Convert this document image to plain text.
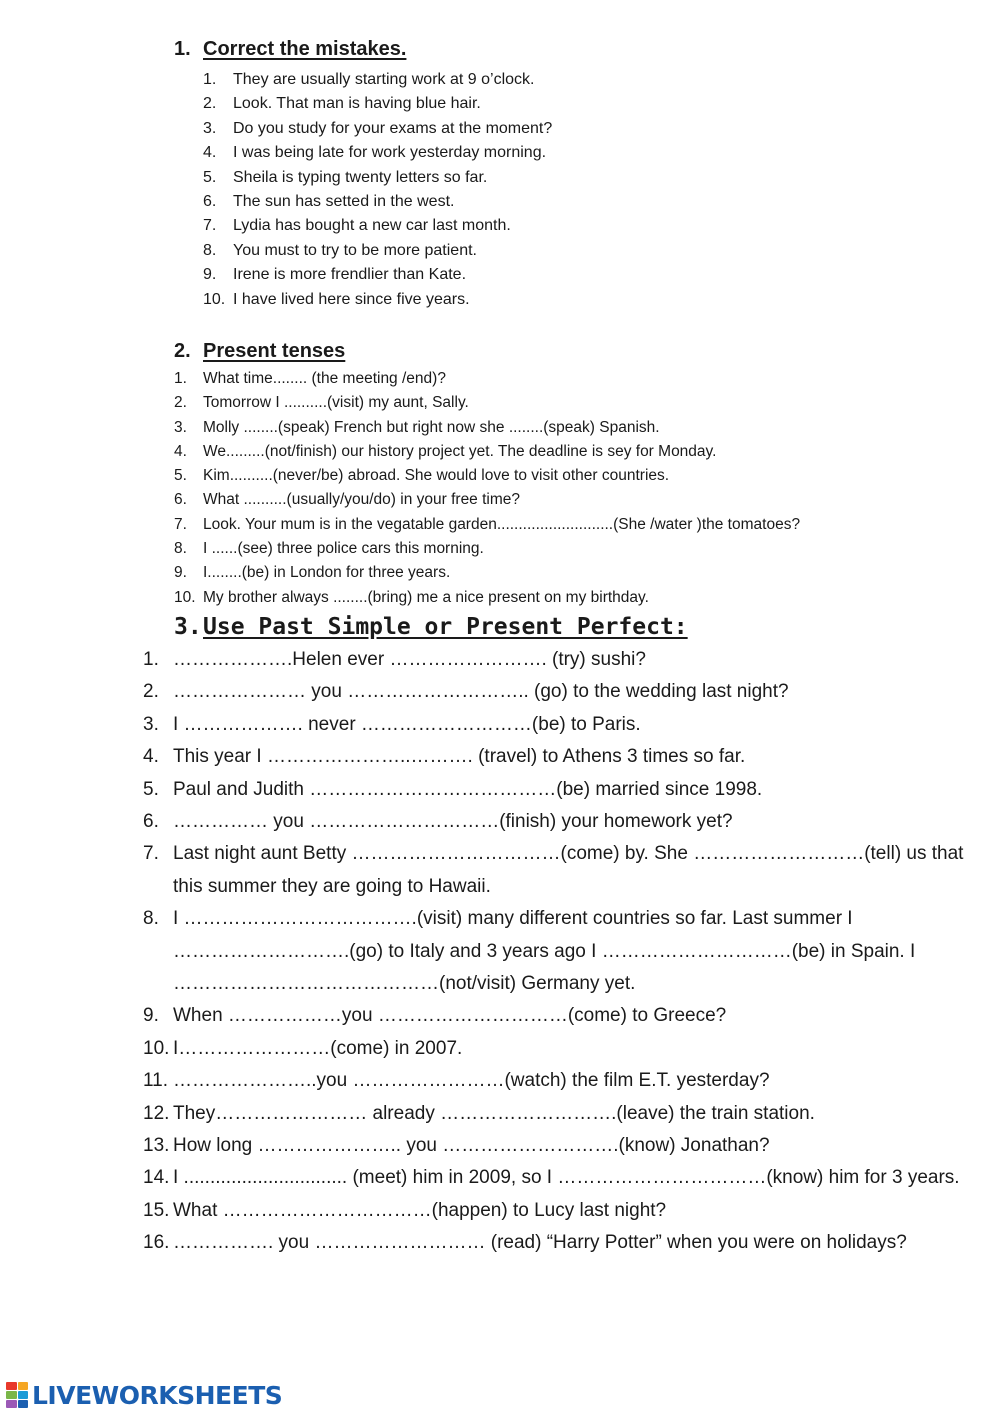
1. Correct the mistakes.
1. They are usually starting work at 9 o’clock.
2. Look. That man is having blue hair.
3. Do you study for your exams at the moment?
4. I was being late for work yesterday morning.
5. Sheila is typing twenty letters so far.
6. The sun has setted in the west.
7. Lydia has bought a new car last month.
8. You must to try to be more patient.
9. Irene is more frendlier than Kate.
10. I have lived here since five years.
2. Present tenses
1. What time........ (the meeting /end)?
2. Tomorrow I ..........(visit) my aunt, Sally.
3. Molly ........(speak) French but right now she ........(speak) Spanish.
4. We.........(not/finish) our history project yet. The deadline is sey for Monday.
5. Kim..........(never/be) abroad. She would love to visit other countries.
6. What ..........(usually/you/do) in your free time?
7. Look. Your mum is in the vegatable garden...........................(She /water )the tomatoes?
8. I ......(see) three police cars this morning.
9. I........(be) in London for three years.
10. My brother always ........(bring) me a nice present on my birthday.
3.Use Past Simple or Present Perfect:
1. ……………….Helen ever ……………………. (try) sushi?
2. ………………… you ……………………….. (go) to the wedding last night?
3. I ………………. never ………………………(be) to Paris.
4. This year I …………………..………. (travel) to Athens 3 times so far.
5. Paul and Judith …………………………………(be) married since 1998.
6. …………… you …………………………(finish) your homework yet?
7. Last night aunt Betty ……………………………(come) by. She ………………………(tell) us that
this summer they are going to Hawaii.
8. I ……………………………….(visit) many different countries so far. Last summer I
……………………….(go) to Italy and 3 years ago I …………………………(be) in Spain. I
……………………………………(not/visit) Germany yet.
9. When ………………you …………………………(come) to Greece?
10. I……………………(come) in 2007.
11. …………………..you ……………………(watch) the film E.T. yesterday?
12. They…………………… already ……………………….(leave) the train station.
13. How long ………………….. you ……………………….(know) Jonathan?
14. I ............................... (meet) him in 2009, so I ……………………………(know) him for 3 years.
15. What ……………………………(happen) to Lucy last night?
16. ……………. you ……………………… (read) “Harry Potter” when you were on holidays?
LIVEWORKSHEETS
